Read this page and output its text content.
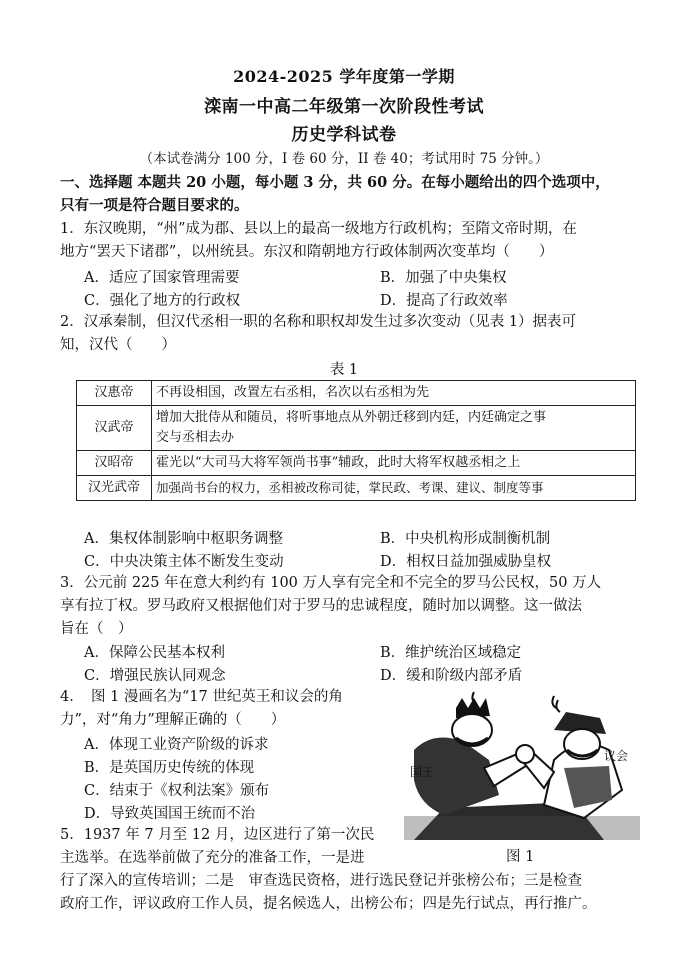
2024-2025 学年度第一学期
滦南一中高二年级第一次阶段性考试
历史学科试卷
（本试卷满分 100 分，I 卷 60 分，II 卷 40；考试用时 75 分钟。）
一、选择题 本题共 20 小题，每小题 3 分，共 60 分。在每小题给出的四个选项中，
只有一项是符合题目要求的。
1．东汉晚期，“州”成为郡、县以上的最高一级地方行政机构；至隋文帝时期，在
地方“罢天下诸郡”，以州统县。东汉和隋朝地方行政体制两次变革均（　　）
A．适应了国家管理需要	B．加强了中央集权
C．强化了地方的行政权	D．提高了行政效率
2．汉承秦制，但汉代丞相一职的名称和职权却发生过多次变动（见表 1）据表可
知，汉代（　　）
表 1
汉惠帝	不再设相国，改置左右丞相，名次以右丞相为先
汉武帝	增加大批侍从和随员，将听事地点从外朝迁移到内廷，内廷确定之事
交与丞相去办

汉昭帝	霍光以“大司马大将军领尚书事”辅政，此时大将军权越丞相之上
汉光武帝	加强尚书台的权力，丞相被改称司徒，掌民政、考课、建议、制度等事
A．集权体制影响中枢职务调整	B．中央机构形成制衡机制
C．中央决策主体不断发生变动	D．相权日益加强威胁皇权
3．公元前 225 年在意大利约有 100 万人享有完全和不完全的罗马公民权，50 万人
享有拉丁权。罗马政府又根据他们对于罗马的忠诚程度，随时加以调整。这一做法
旨在（　）
A．保障公民基本权利	B．维护统治区域稳定
C．增强民族认同观念	D．缓和阶级内部矛盾
4．　图 1 漫画名为“17 世纪英王和议会的角
力”，对“角力”理解正确的（　　）
A．体现工业资产阶级的诉求
B．是英国历史传统的体现
C．结束于《权利法案》颁布
D．导致英国国王统而不治
国王
议会
图 1
5．1937 年 7 月至 12 月，边区进行了第一次民
主选举。在选举前做了充分的准备工作，一是进
行了深入的宣传培训；二是　审查选民资格，进行选民登记并张榜公布；三是检查
政府工作，评议政府工作人员，提名候选人，出榜公布；四是先行试点，再行推广。
